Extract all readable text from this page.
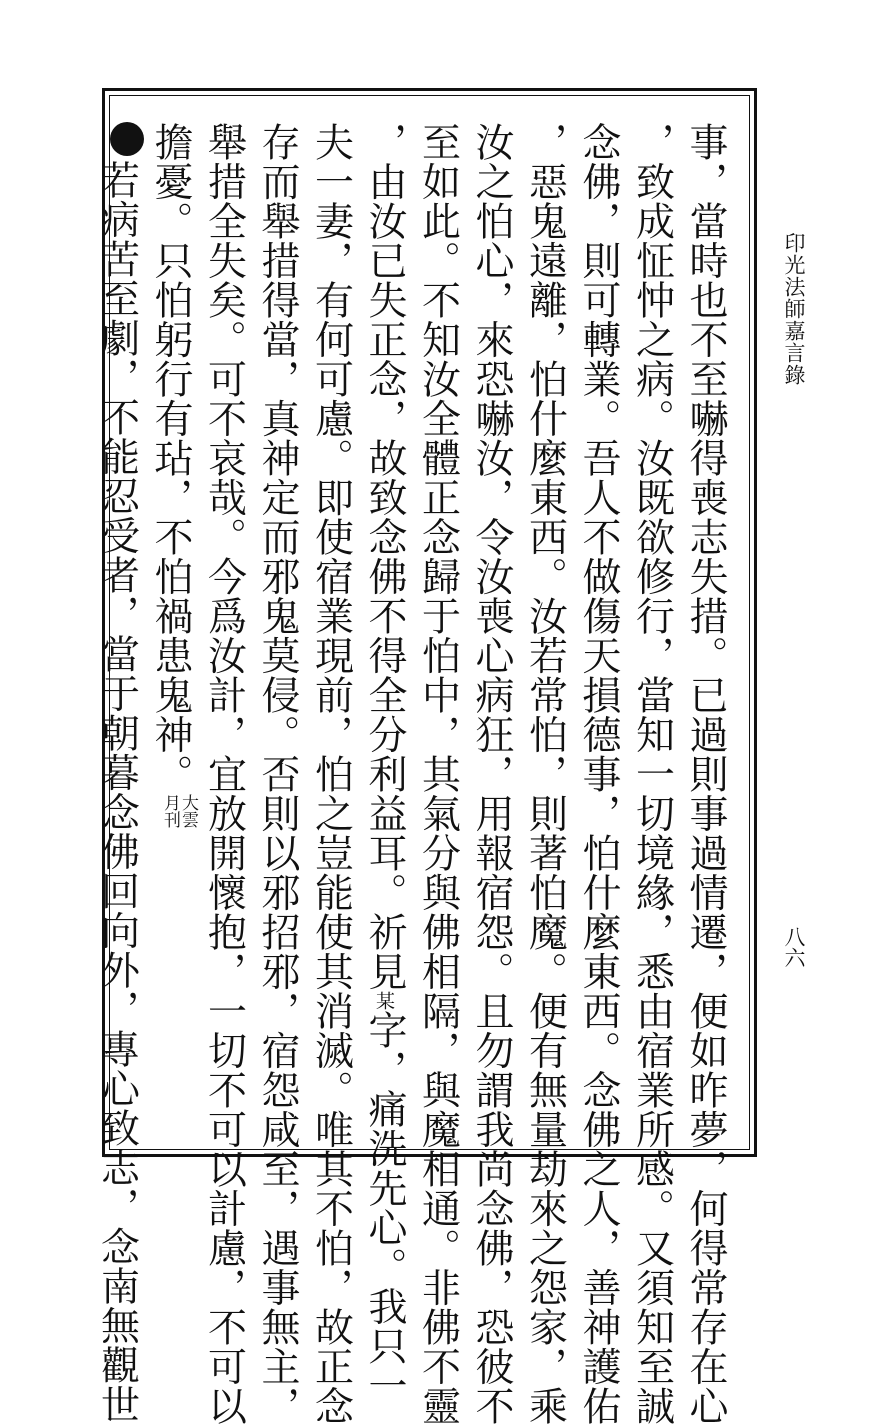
印光法師嘉言錄
八六
事，當時也不至嚇得喪志失措。已過則事過情遷，便如昨夢，何得常存在心
，致成怔忡之病。汝既欲修行，當知一切境緣，悉由宿業所感。又須知至誠
念佛，則可轉業。吾人不做傷天損德事，怕什麼東西。念佛之人，善神護佑
，惡鬼遠離，怕什麼東西。汝若常怕，則著怕魔。便有無量劫來之怨家，乘
汝之怕心，來恐嚇汝，令汝喪心病狂，用報宿怨。且勿謂我尚念佛，恐彼不
至如此。不知汝全體正念歸于怕中，其氣分與佛相隔，與魔相通。非佛不靈
，由汝已失正念，故致念佛不得全分利益耳。祈見某字，痛洗先心。我只一
夫一妻，有何可慮。即使宿業現前，怕之豈能使其消滅。唯其不怕，故正念
存而舉措得當，真神定而邪鬼莫侵。否則以邪招邪，宿怨咸至，遇事無主，
舉措全失矣。可不哀哉。今爲汝計，宜放開懷抱，一切不可以計慮，不可以
擔憂。只怕躬行有玷，不怕禍患鬼神。
大雲
月刊
若病苦至劇，不能忍受者，當于朝暮念佛回向外，專心致志，念南無觀世
